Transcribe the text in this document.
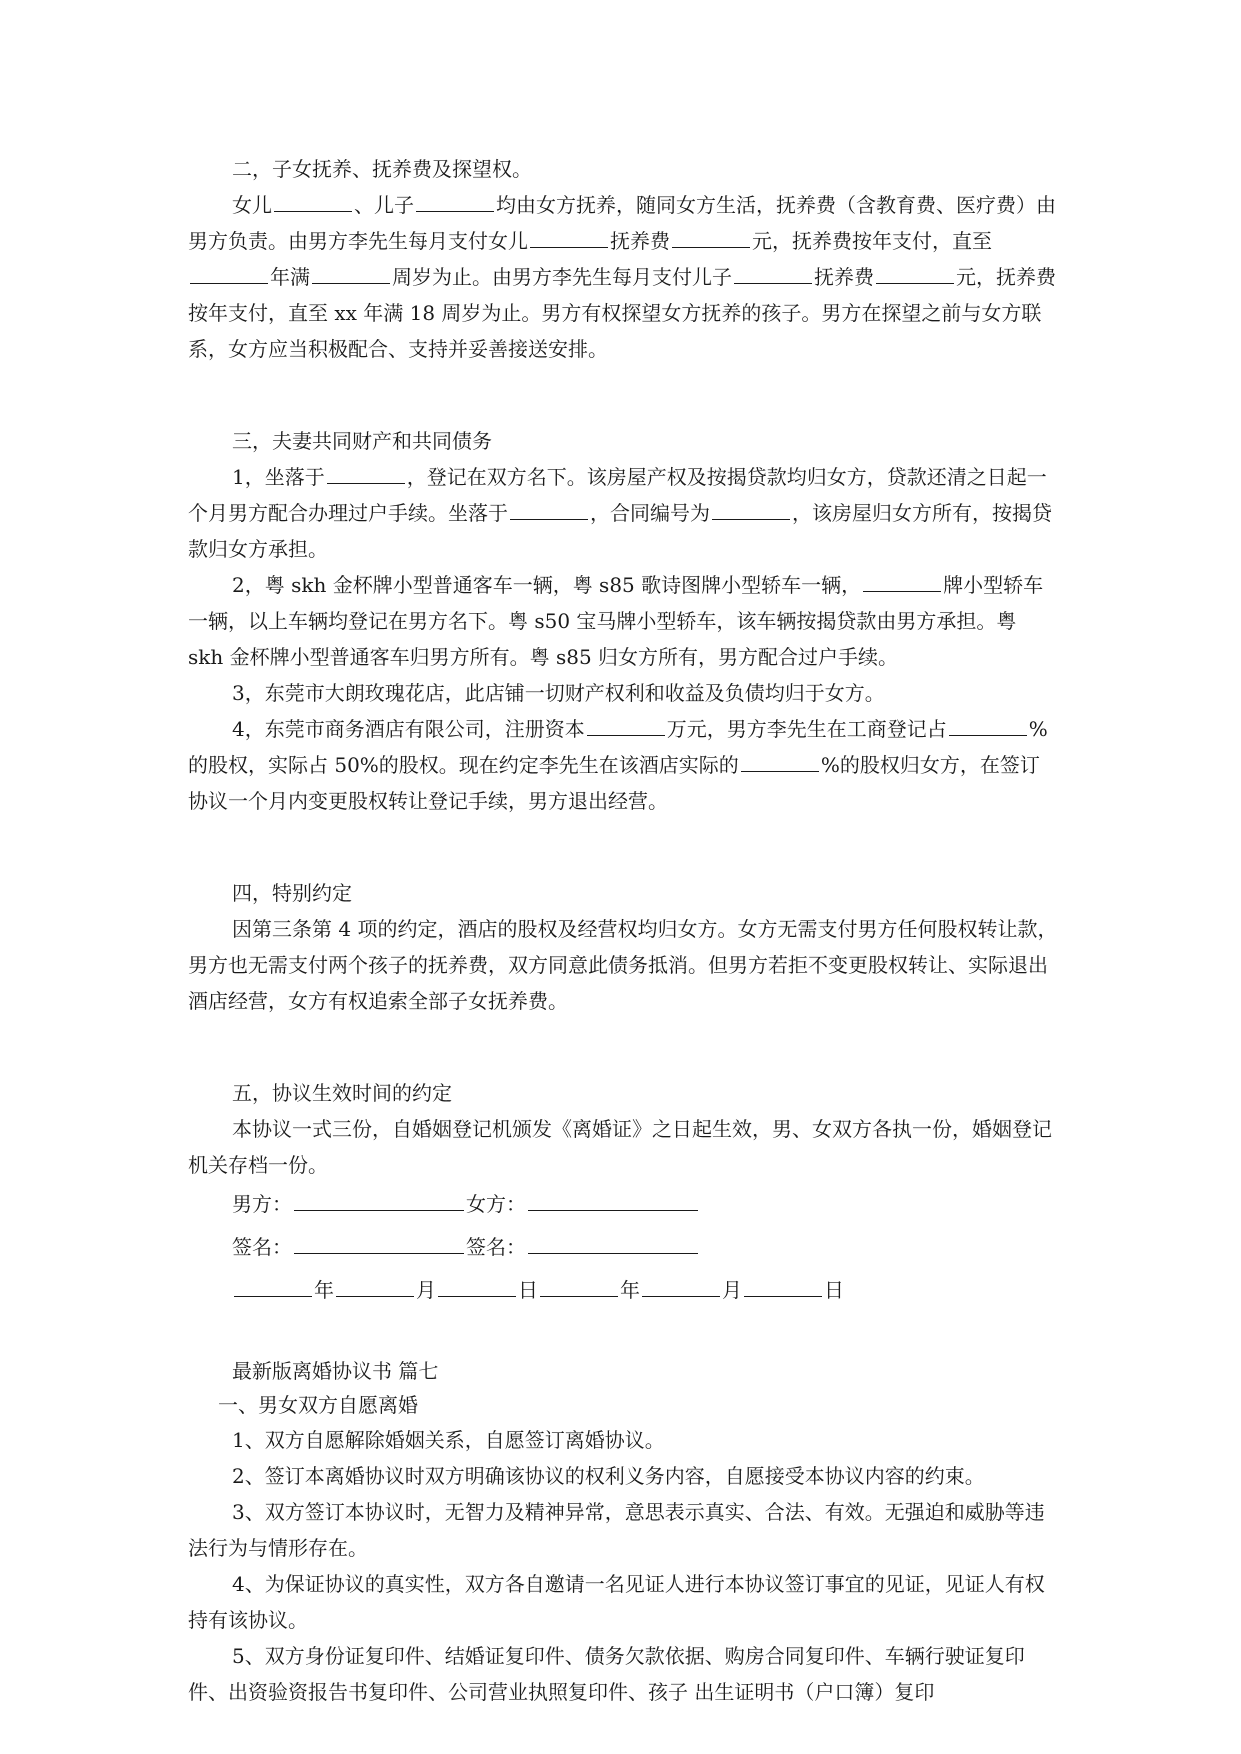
二，子女抚养、抚养费及探望权。

女儿	、儿子	均由女方抚养，随同女方生活，抚养费（含教育费、医疗费）由男方负责。由男方李先生每月支付女儿	抚养费	元，抚养费按年支付，直至年满	周岁为止。由男方李先生每月支付儿子	抚养费	元，抚养费按年支付，直至 xx 年满 18 周岁为止。男方有权探望女方抚养的孩子。男方在探望之前与女方联系，女方应当积极配合、支持并妥善接送安排。

三，夫妻共同财产和共同债务

1，坐落于	，登记在双方名下。该房屋产权及按揭贷款均归女方，贷款还清之日起一个月男方配合办理过户手续。坐落于	，合同编号为	，该房屋归女方所有，按揭贷款归女方承担。

2，粤 skh 金杯牌小型普通客车一辆，粤 s85 歌诗图牌小型轿车一辆，	牌小型轿车一辆，以上车辆均登记在男方名下。粤 s50 宝马牌小型轿车，该车辆按揭贷款由男方承担。粤 skh 金杯牌小型普通客车归男方所有。粤 s85 归女方所有，男方配合过户手续。

3，东莞市大朗玫瑰花店，此店铺一切财产权利和收益及负债均归于女方。

4，东莞市商务酒店有限公司，注册资本	万元，男方李先生在工商登记占	%的股权，实际占 50%的股权。现在约定李先生在该酒店实际的	%的股权归女方，在签订协议一个月内变更股权转让登记手续，男方退出经营。

四，特别约定

因第三条第 4 项的约定，酒店的股权及经营权均归女方。女方无需支付男方任何股权转让款，男方也无需支付两个孩子的抚养费，双方同意此债务抵消。但男方若拒不变更股权转让、实际退出酒店经营，女方有权追索全部子女抚养费。

五，协议生效时间的约定

本协议一式三份，自婚姻登记机颁发《离婚证》之日起生效，男、女双方各执一份，婚姻登记机关存档一份。

男方：	女方：

签名：	签名：

年	月	日	年	月	日

最新版离婚协议书 篇七

一、男女双方自愿离婚

1、双方自愿解除婚姻关系，自愿签订离婚协议。

2、签订本离婚协议时双方明确该协议的权利义务内容，自愿接受本协议内容的约束。

3、双方签订本协议时，无智力及精神异常，意思表示真实、合法、有效。无强迫和威胁等违法行为与情形存在。

4、为保证协议的真实性，双方各自邀请一名见证人进行本协议签订事宜的见证，见证人有权持有该协议。

5、双方身份证复印件、结婚证复印件、债务欠款依据、购房合同复印件、车辆行驶证复印件、出资验资报告书复印件、公司营业执照复印件、孩子 出生证明书（户口簿）复印
